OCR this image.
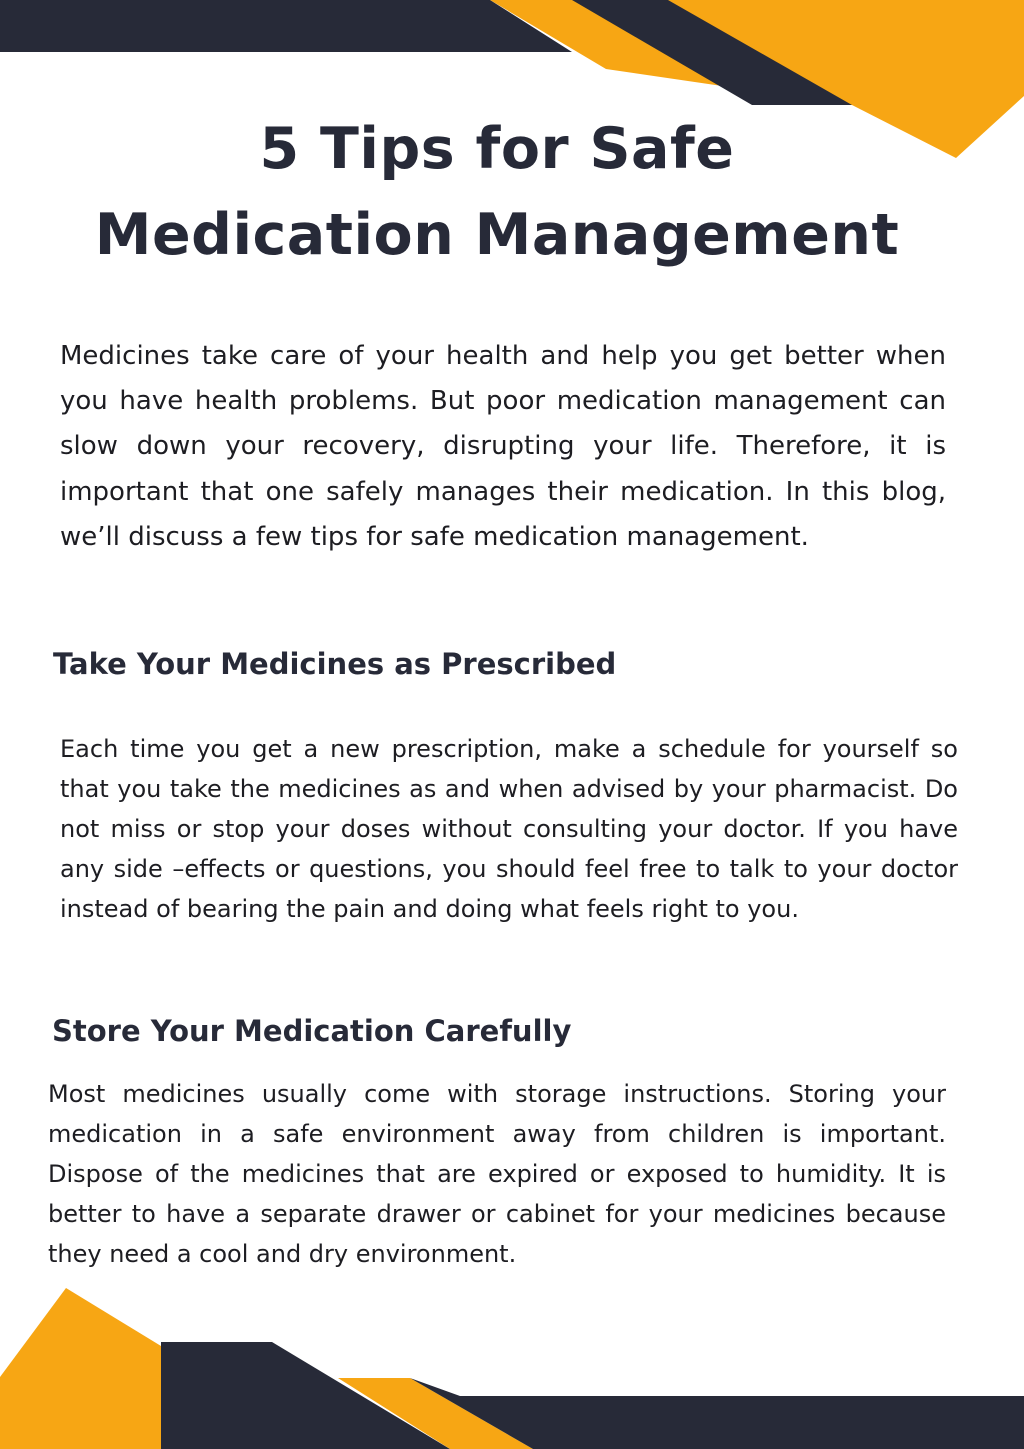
5 Tips for Safe
Medication Management

Medicines take care of your health and help you get better when you have health problems. But poor medication management can slow down your recovery, disrupting your life. Therefore, it is important that one safely manages their medication. In this blog, we’ll discuss a few tips for safe medication management.

Take Your Medicines as Prescribed

Each time you get a new prescription, make a schedule for yourself so that you take the medicines as and when advised by your pharmacist. Do not miss or stop your doses without consulting your doctor. If you have any side –effects or questions, you should feel free to talk to your doctor instead of bearing the pain and doing what feels right to you.

Store Your Medication Carefully

Most medicines usually come with storage instructions. Storing your medication in a safe environment away from children is important. Dispose of the medicines that are expired or exposed to humidity. It is better to have a separate drawer or cabinet for your medicines because they need a cool and dry environment.
